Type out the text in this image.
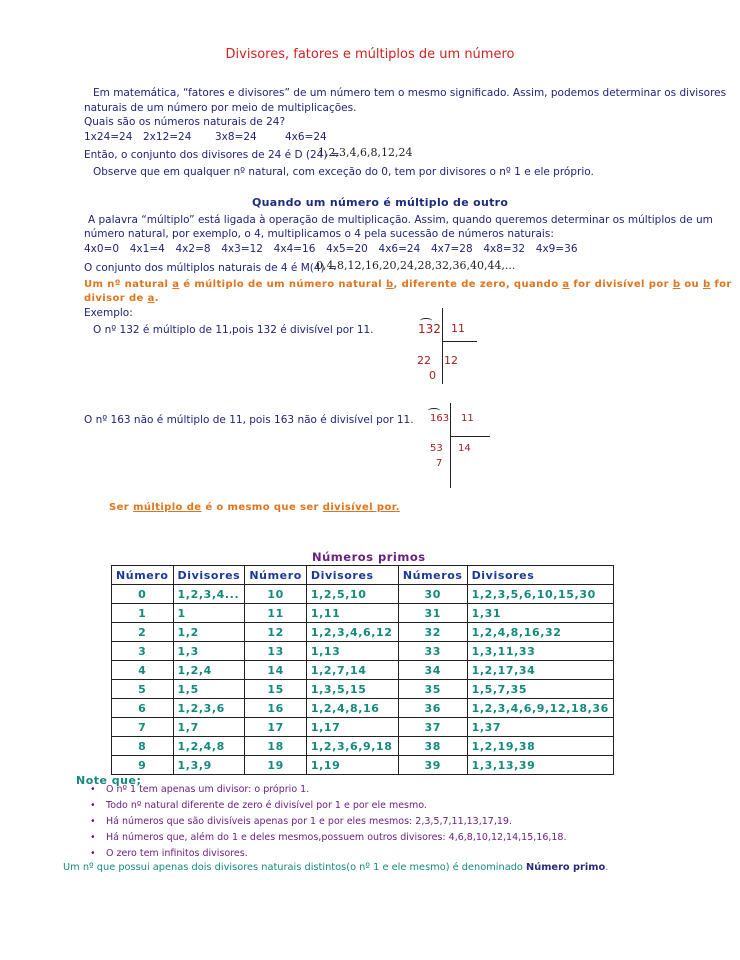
Divisores, fatores e múltiplos de um número
Em matemática, “fatores e divisores” de um número tem o mesmo significado. Assim, podemos determinar os divisores
naturais de um número por meio de multiplicações.
Quais são os números naturais de 24?
1x24=24 2x12=24 3x8=24	4x6=24
Então, o conjunto dos divisores de 24 é D (24) =
1,2,3,4,6,8,12,24
Observe que em qualquer nº natural, com exceção do 0, tem por divisores o nº 1 e ele próprio.
Quando um número é múltiplo de outro
A palavra “múltiplo” está ligada à operação de multiplicação. Assim, quando queremos determinar os múltiplos de um
número natural, por exemplo, o 4, multiplicamos o 4 pela sucessão de números naturais:
4x0=0 4x1=4 4x2=8 4x3=12 4x4=16 4x5=20 4x6=24 4x7=28 4x8=32 4x9=36
O conjunto dos múltiplos naturais de 4 é M(4) =
0,4,8,12,16,20,24,28,32,36,40,44,...
Um nº natural a é múltiplo de um número natural b, diferente de zero, quando a for divisível por b ou b for
divisor de a.
Exemplo:
O nº 132 é múltiplo de 11,pois 132 é divisível por 11.	132 11
22 12
0
O nº 163 não é múltiplo de 11, pois 163 não é divisível por 11. 163 11
53 14
7
Ser múltiplo de é o mesmo que ser divisível por.
Números primos
Número	Divisores	Número	Divisores	Números	Divisores
0	1,2,3,4...	10	1,2,5,10	30	1,2,3,5,6,10,15,30
1	1	11	1,11	31	1,31
2	1,2	12	1,2,3,4,6,12	32	1,2,4,8,16,32
3	1,3	13	1,13	33	1,3,11,33
4	1,2,4	14	1,2,7,14	34	1,2,17,34
5	1,5	15	1,3,5,15	35	1,5,7,35
6	1,2,3,6	16	1,2,4,8,16	36	1,2,3,4,6,9,12,18,36
7	1,7	17	1,17	37	1,37
8	1,2,4,8	18	1,2,3,6,9,18	38	1,2,19,38
9	1,3,9	19	1,19	39	1,3,13,39
Note que;
• O nº 1 tem apenas um divisor: o próprio 1.
• Todo nº natural diferente de zero é divisível por 1 e por ele mesmo.
• Há números que são divisíveis apenas por 1 e por eles mesmos: 2,3,5,7,11,13,17,19.
• Há números que, além do 1 e deles mesmos,possuem outros divisores: 4,6,8,10,12,14,15,16,18.
• O zero tem infinitos divisores.
Um nº que possui apenas dois divisores naturais distintos(o nº 1 e ele mesmo) é denominado Número primo.
